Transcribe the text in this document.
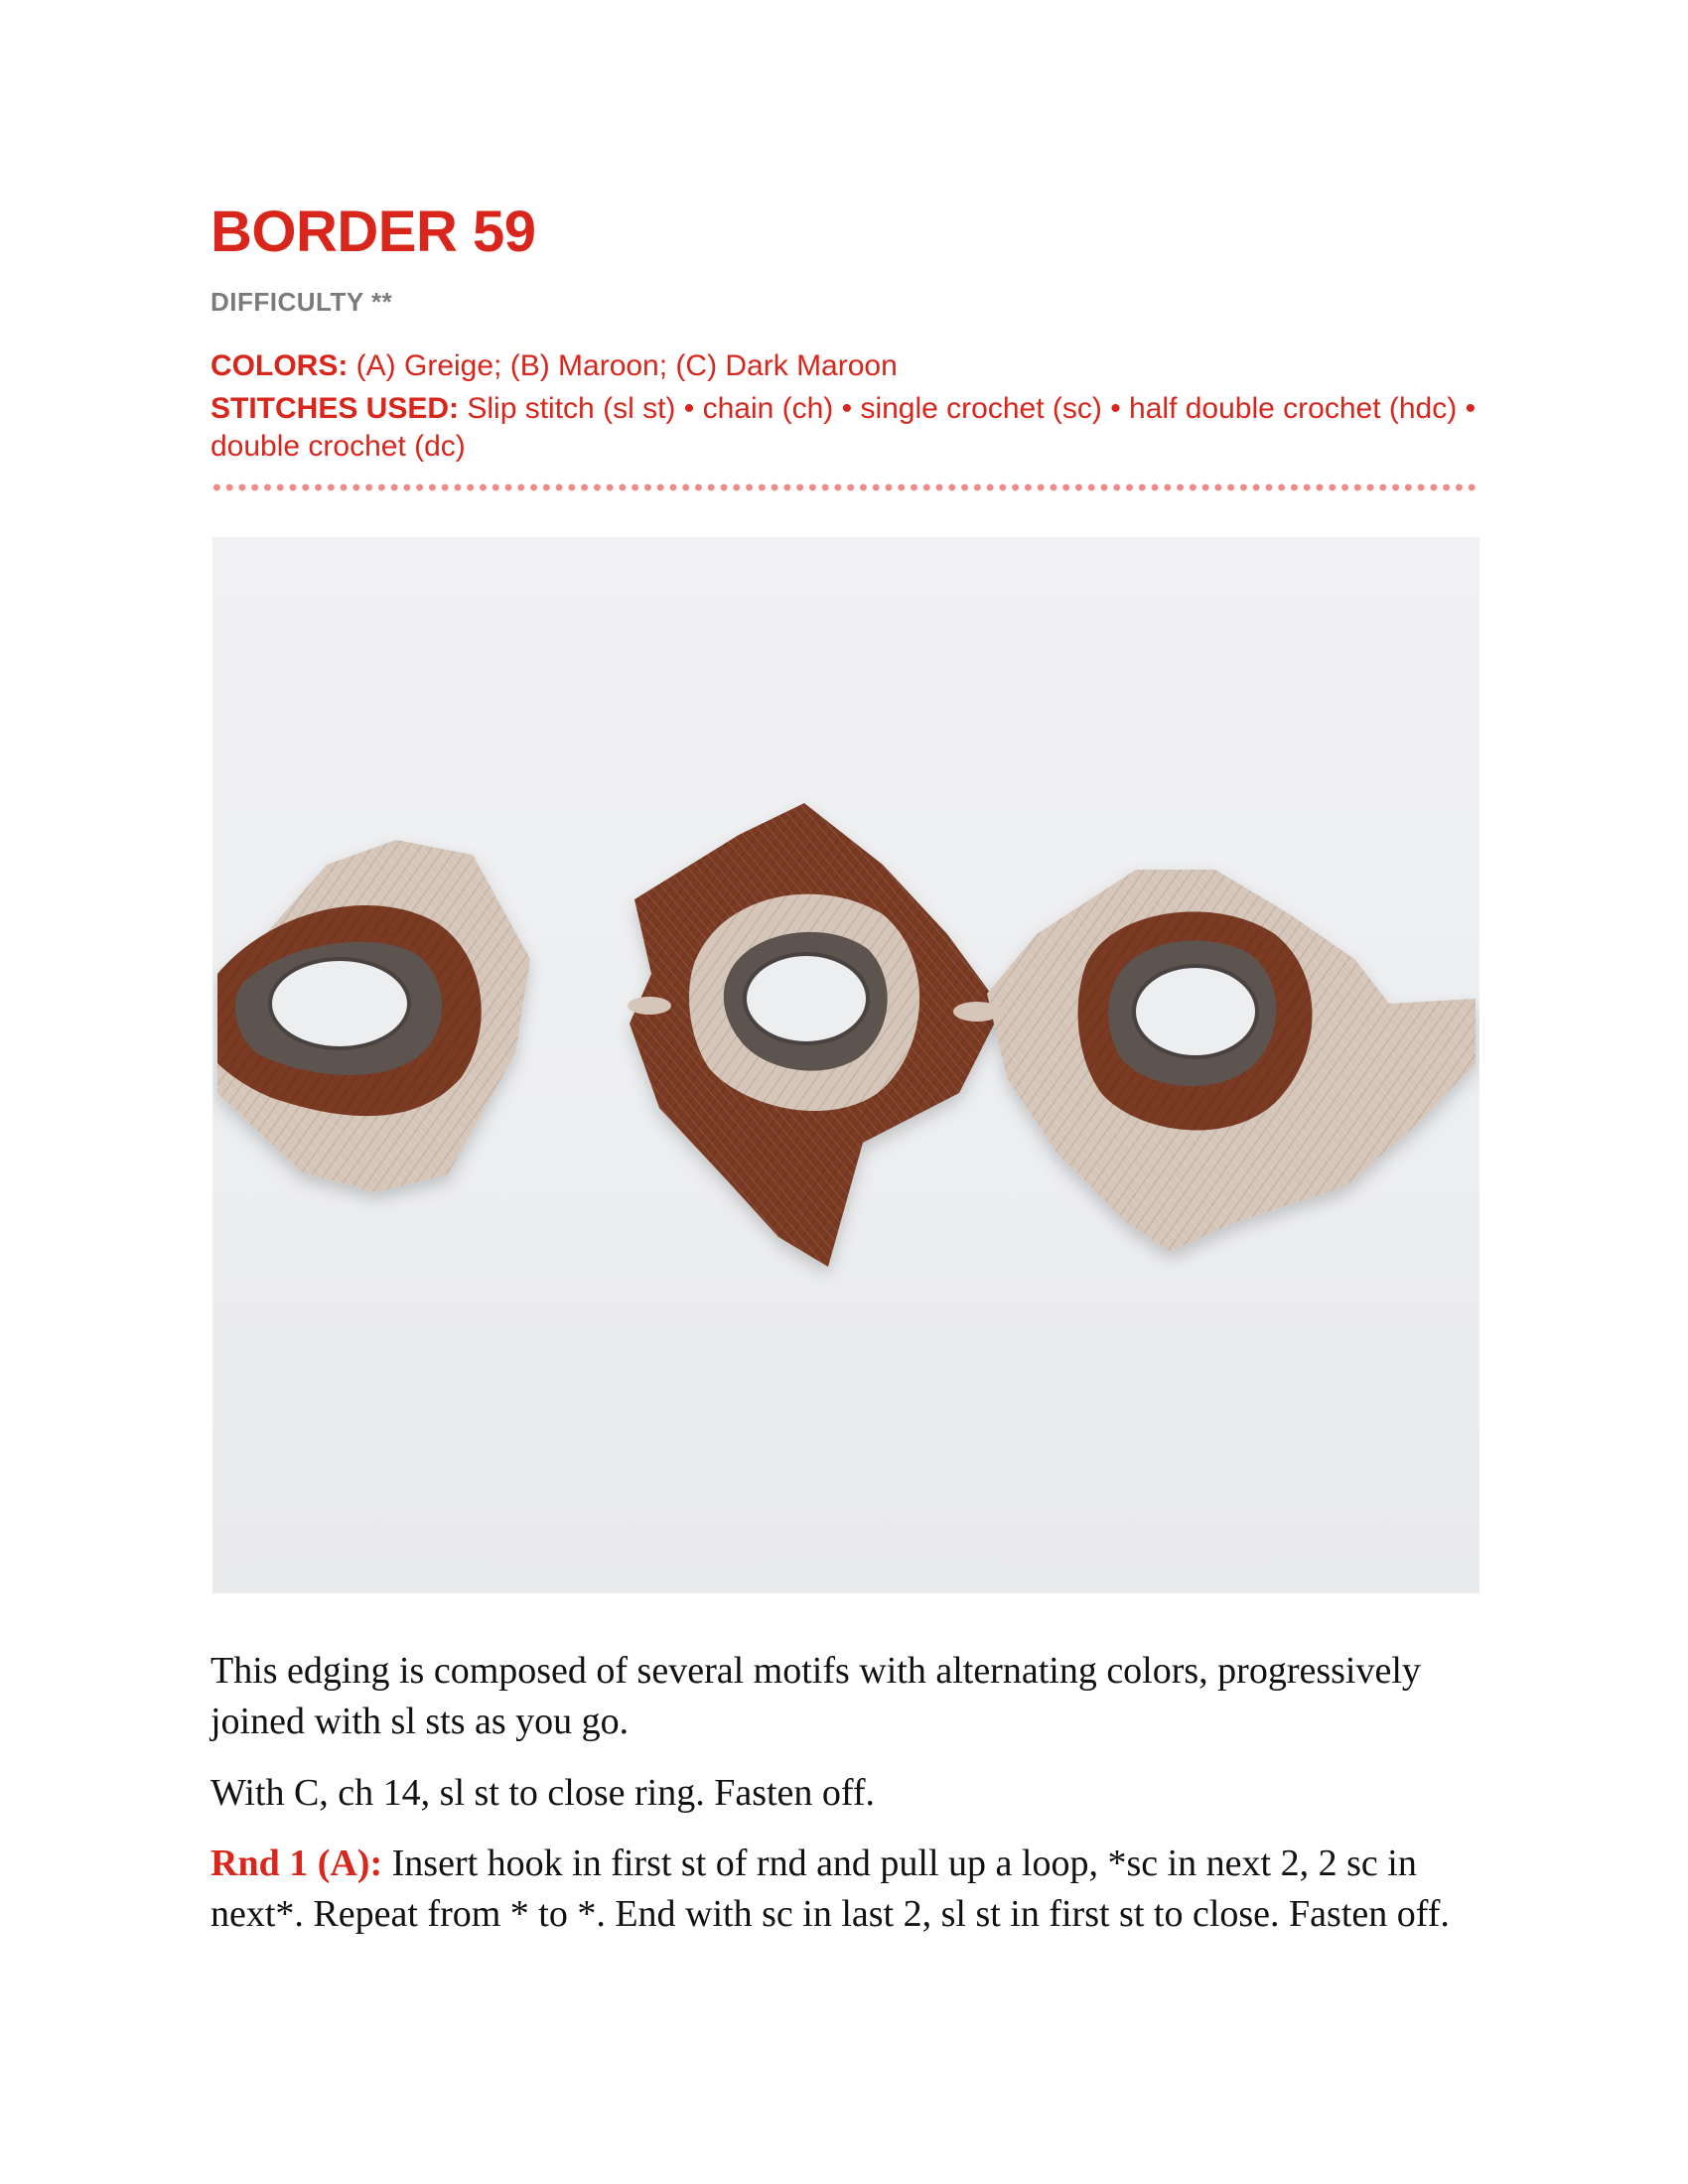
BORDER 59
DIFFICULTY **
COLORS: (A) Greige; (B) Maroon; (C) Dark Maroon
STITCHES USED: Slip stitch (sl st) • chain (ch) • single crochet (sc) • half double crochet (hdc) • double crochet (dc)

This edging is composed of several motifs with alternating colors, progressively joined with sl sts as you go.

With C, ch 14, sl st to close ring. Fasten off.

Rnd 1 (A): Insert hook in first st of rnd and pull up a loop, *sc in next 2, 2 sc in next*. Repeat from * to *. End with sc in last 2, sl st in first st to close. Fasten off.
